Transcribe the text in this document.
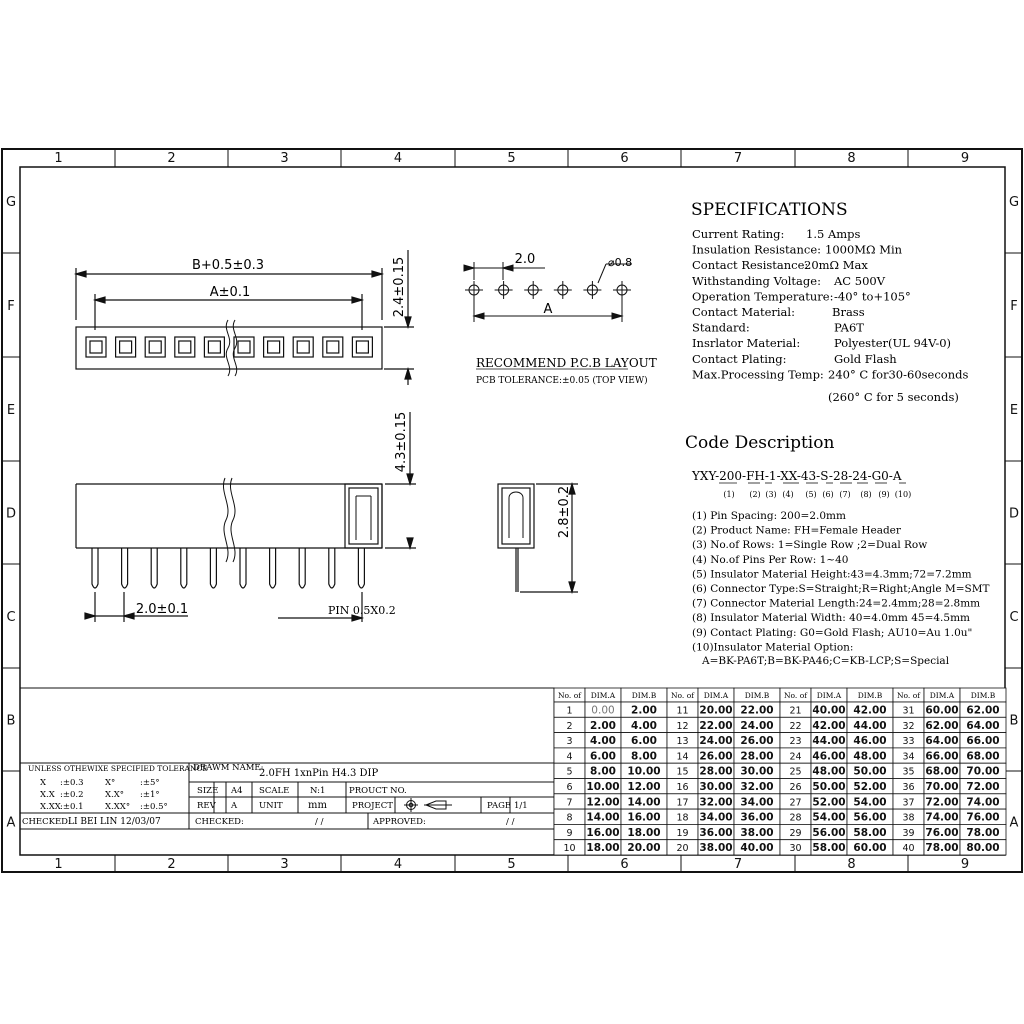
1
1
2
2
3
3
4
4
5
5
6
6
7
7
8
8
9
9
G	G
F	F
E	E
D	D
C	C
B	B
A	A
B+0.5±0.3
A±0.1	2.4±0.15
4.3±0.15
2.0±0.1	PIN 0.5X0.2
2.8±0.2
2.0	⌀0.8
A
RECOMMEND P.C.B LAYOUT
PCB TOLERANCE:±0.05 (TOP VIEW)
SPECIFICATIONS
Current Rating: 1.5 Amps
Insulation Resistance: 1000MΩ Min
Contact Resistance:
20mΩ Max
Withstanding Voltage: AC 500V
Operation Temperature: -40° to+105°
Contact Material:	Brass
Standard:	PA6T
Insrlator Material:	Polyester(UL 94V-0)
Contact Plating:	Gold Flash
Max.Processing Temp: 240° C for30-60seconds
(260° C for 5 seconds)
Code Description
YXY-200-FH-1-XX-43-S-28-24-G0-A
(1) (2) (3) (4) (5) (6) (7) (8) (9) (10)
(1) Pin Spacing: 200=2.0mm
(2) Product Name: FH=Female Header
(3) No.of Rows: 1=Single Row ;2=Dual Row
(4) No.of Pins Per Row: 1~40
(5) Insulator Material Height:43=4.3mm;72=7.2mm
(6) Connector Type:S=Straight;R=Right;Angle M=SMT
(7) Connector Material Length:24=2.4mm;28=2.8mm
(8) Insulator Material Width: 40=4.0mm 45=4.5mm
(9) Contact Plating: G0=Gold Flash; AU10=Au 1.0u"
(10)Insulator Material Option:
A=BK-PA6T;B=BK-PA46;C=KB-LCP;S=Special
UNLESS OTHEWIXE SPECIFIED TOLERANCE
X :±0.3	X°	:±5°
X.X :±0.2	X.X° :±1°
X.XX :±0.1	X.XX° :±0.5°
CHECKED:
LI BEI LIN 12/03/07
DRAWM NAME:
2.0FH 1xnPin H4.3 DIP
SIZE A4 SCALE N:1	PROUCT NO.
REV A	UNIT	mm	PROJECT	PAGE 1/1
CHECKED:	/ /	APPROVED:	/ /
No. of DIM.A DIM.B No. of DIM.A DIM.B No. of DIM.A DIM.B No. of DIM.A DIM.B
1 0.00 2.00 11 20.00 22.00 21 40.00 42.00 31 60.00 62.00
2 2.00 4.00 12 22.00 24.00 22 42.00 44.00 32 62.00 64.00
3 4.00 6.00 13 24.00 26.00 23 44.00 46.00 33 64.00 66.00
4 6.00 8.00 14 26.00 28.00 24 46.00 48.00 34 66.00 68.00
5 8.00 10.00 15 28.00 30.00 25 48.00 50.00 35 68.00 70.00
6 10.00 12.00 16 30.00 32.00 26 50.00 52.00 36 70.00 72.00
7 12.00 14.00 17 32.00 34.00 27 52.00 54.00 37 72.00 74.00
8 14.00 16.00 18 34.00 36.00 28 54.00 56.00 38 74.00 76.00
9 16.00 18.00 19 36.00 38.00 29 56.00 58.00 39 76.00 78.00
10 18.00 20.00 20 38.00 40.00 30 58.00 60.00 40 78.00 80.00
